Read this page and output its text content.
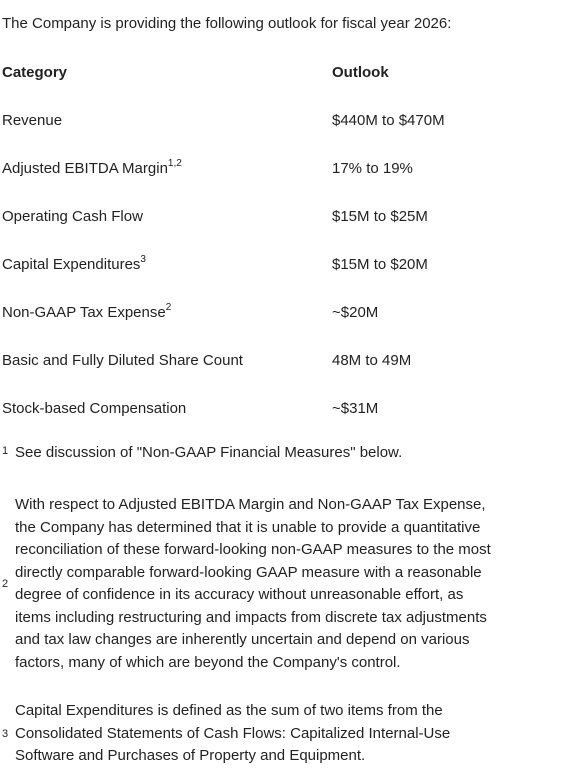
The Company is providing the following outlook for fiscal year 2026:
Category	Outlook
Revenue	$440M to $470M
Adjusted EBITDA Margin$^{1,2}$	17% to 19%
Operating Cash Flow	$15M to $25M
Capital Expenditures$^3$	$15M to $20M
Non-GAAP Tax Expense$^2$	~$20M
Basic and Fully Diluted Share Count	48M to 49M
Stock-based Compensation	~$31M
1 See discussion of "Non-GAAP Financial Measures" below.
2
With respect to Adjusted EBITDA Margin and Non-GAAP Tax Expense, the Company has determined that it is unable to provide a quantitative reconciliation of these forward-looking non-GAAP measures to the most directly comparable forward-looking GAAP measure with a reasonable degree of confidence in its accuracy without unreasonable effort, as items including restructuring and impacts from discrete tax adjustments and tax law changes are inherently uncertain and depend on various factors, many of which are beyond the Company's control.
3
Capital Expenditures is defined as the sum of two items from the Consolidated Statements of Cash Flows: Capitalized Internal-Use Software and Purchases of Property and Equipment.
